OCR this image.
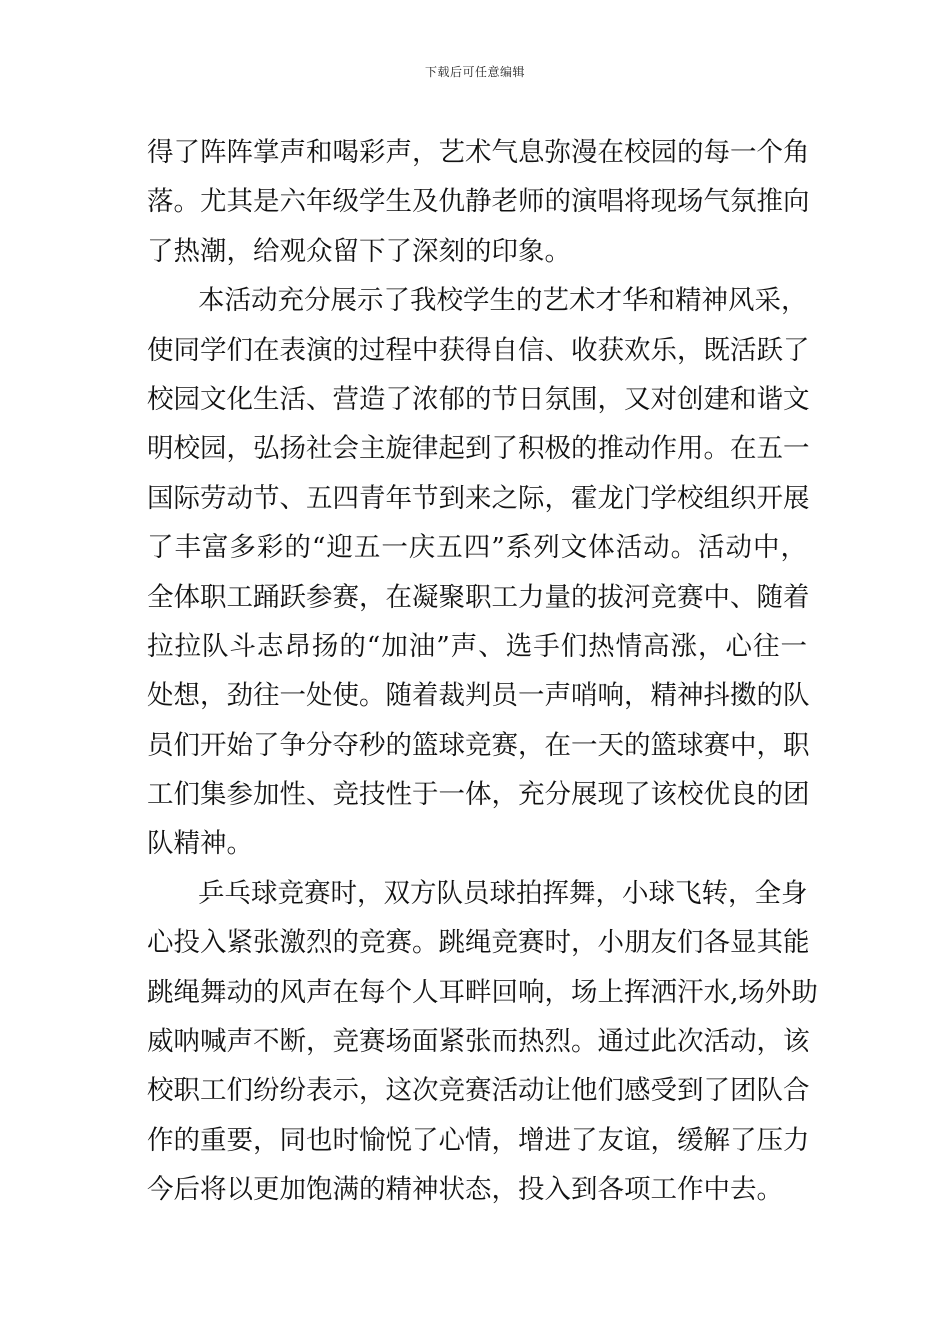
下载后可任意编辑
得了阵阵掌声和喝彩声，艺术气息弥漫在校园的每一个角
落。尤其是六年级学生及仇静老师的演唱将现场气氛推向
了热潮，给观众留下了深刻的印象。
本活动充分展示了我校学生的艺术才华和精神风采，
使同学们在表演的过程中获得自信、收获欢乐，既活跃了
校园文化生活、营造了浓郁的节日氛围，又对创建和谐文
明校园，弘扬社会主旋律起到了积极的推动作用。在五一
国际劳动节、五四青年节到来之际，霍龙门学校组织开展
了丰富多彩的“迎五一庆五四”系列文体活动。活动中，
全体职工踊跃参赛，在凝聚职工力量的拔河竞赛中、随着
拉拉队斗志昂扬的“加油”声、选手们热情高涨，心往一
处想，劲往一处使。随着裁判员一声哨响，精神抖擞的队
员们开始了争分夺秒的篮球竞赛，在一天的篮球赛中，职
工们集参加性、竞技性于一体，充分展现了该校优良的团
队精神。
乒乓球竞赛时，双方队员球拍挥舞，小球飞转，全身
心投入紧张激烈的竞赛。跳绳竞赛时，小朋友们各显其能
跳绳舞动的风声在每个人耳畔回响，场上挥洒汗水,场外助
威呐喊声不断，竞赛场面紧张而热烈。通过此次活动，该
校职工们纷纷表示，这次竞赛活动让他们感受到了团队合
作的重要，同也时愉悦了心情，增进了友谊，缓解了压力
今后将以更加饱满的精神状态，投入到各项工作中去。
